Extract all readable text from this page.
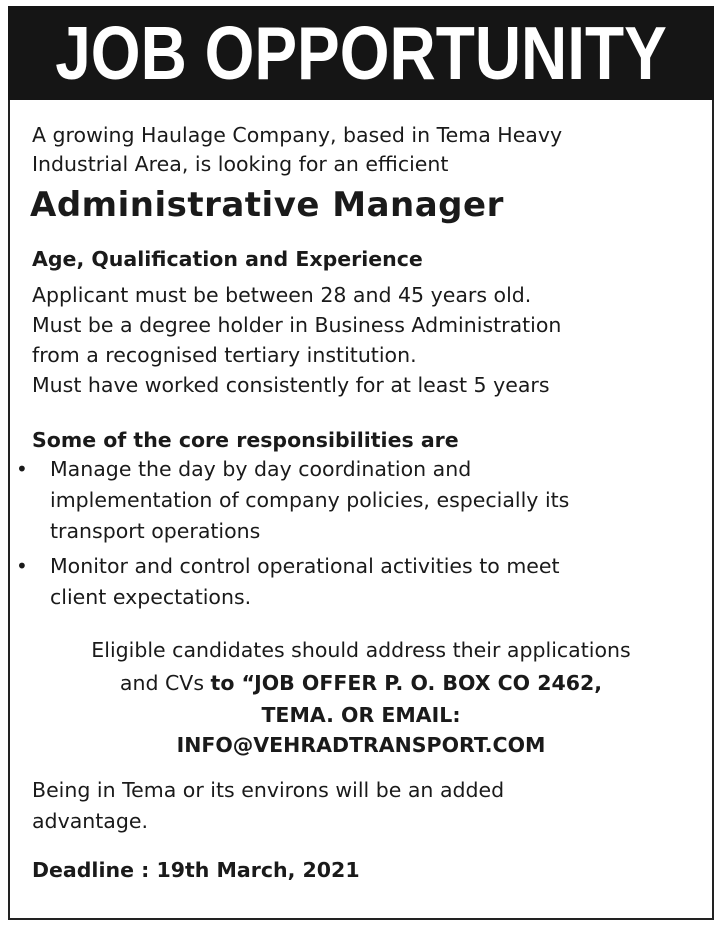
JOB OPPORTUNITY
A growing Haulage Company, based in Tema Heavy
Industrial Area, is looking for an efficient
Administrative Manager
Age, Qualification and Experience
Applicant must be between 28 and 45 years old.
Must be a degree holder in Business Administration
from a recognised tertiary institution.
Must have worked consistently for at least 5 years
Some of the core responsibilities are
• Manage the day by day coordination and
implementation of company policies, especially its
transport operations
• Monitor and control operational activities to meet
client expectations.
Eligible candidates should address their applications
and CVs to “JOB OFFER P. O. BOX CO 2462,
TEMA. OR EMAIL:
INFO@VEHRADTRANSPORT.COM
Being in Tema or its environs will be an added
advantage.
Deadline : 19th March, 2021
